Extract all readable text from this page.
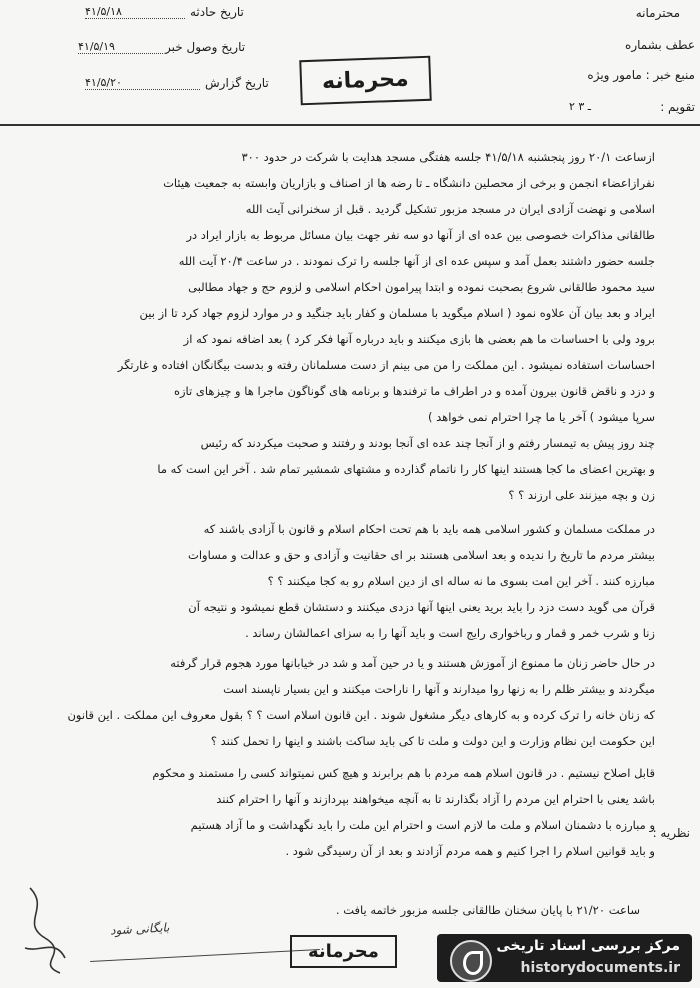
تاریخ حادثه
۴۱/۵/۱۸
تاریخ وصول خبر
۴۱/۵/۱۹
تاریخ گزارش
۴۱/۵/۲۰	محرمانه
محترمانه
عطف بشماره
منبع خبر : مامور ویژه
تقویم :
۲ ـ ۳
ازساعت ۲۰/۱ روز پنجشنبه ۴۱/۵/۱۸ جلسه هفتگی مسجد هدایت با شرکت در حدود ۳۰۰
نفرازاعضاء انجمن و برخی از محصلین دانشگاه ـ تا رضه ها از اصناف و بازاریان وابسته به جمعیت هیئات
اسلامی و نهضت آزادی ایران در مسجد مزبور تشکیل گردید . قبل از سخنرانی آیت الله
طالقانی مذاکرات خصوصی بین عده ای از آنها دو سه نفر جهت بیان مسائل مربوط به بازار ایراد در
جلسه حضور داشتند بعمل آمد و سپس عده ای از آنها جلسه را ترک نمودند . در ساعت ۲۰/۴ آیت الله
سید محمود طالقانی شروع بصحبت نموده و ابتدا پیرامون احکام اسلامی و لزوم حج و جهاد مطالبی
ایراد و بعد بیان آن علاوه نمود ( اسلام میگوید با مسلمان و کفار باید جنگید و در موارد لزوم جهاد کرد تا از بین
برود ولی با احساسات ما هم بعضی ها بازی میکنند و باید درباره آنها فکر کرد ) بعد اضافه نمود که از
احساسات استفاده نمیشود . این مملکت را من می بینم از دست مسلمانان رفته و بدست بیگانگان افتاده و غارتگر
و دزد و ناقض قانون بیرون آمده و در اطراف ما ترفندها و برنامه های گوناگون ماجرا ها و چیزهای تازه
سرپا میشود ) آخر یا ما چرا احترام نمی خواهد )
چند روز پیش به تیمسار رفتم و از آنجا چند عده ای آنجا بودند و رفتند و صحبت میکردند که رئیس
و بهترین اعضای ما کجا هستند اینها کار را ناتمام گذارده و مشتهای شمشیر تمام شد . آخر این است که ما
زن و بچه میزنند علی ارزند ؟ ؟
در مملکت مسلمان و کشور اسلامی همه باید با هم تحت احکام اسلام و قانون با آزادی باشند که
بیشتر مردم ما تاریخ را ندیده و بعد اسلامی هستند بر ای حقانیت و آزادی و حق و عدالت و مساوات
مبارزه کنند . آخر این امت بسوی ما نه ساله ای از دین اسلام رو به کجا میکنند ؟ ؟
قرآن می گوید دست دزد را باید برید یعنی اینها آنها دزدی میکنند و دستشان قطع نمیشود و نتیجه آن
زنا و شرب خمر و قمار و رباخواری رایج است و باید آنها را به سزای اعمالشان رساند .
در حال حاضر زنان ما ممنوع از آموزش هستند و یا در حین آمد و شد در خیابانها مورد هجوم قرار گرفته
میگردند و بیشتر ظلم را به زنها روا میدارند و آنها را ناراحت میکنند و این بسیار ناپسند است
که زنان خانه را ترک کرده و به کارهای دیگر مشغول شوند . این قانون اسلام است ؟ ؟ بقول معروف این مملکت . این قانون
این حکومت این نظام وزارت و این دولت و ملت تا کی باید ساکت باشند و اینها را تحمل کنند ؟
قابل اصلاح نیستیم . در قانون اسلام همه مردم با هم برابرند و هیچ کس نمیتواند کسی را مستمند و محکوم
باشد یعنی با احترام این مردم را آزاد بگذارند تا به آنچه میخواهند بپردازند و آنها را احترام کنند
و مبارزه با دشمنان اسلام و ملت ما لازم است و احترام این ملت را باید نگهداشت و ما آزاد هستیم
و باید قوانین اسلام را اجرا کنیم و همه مردم آزادند و بعد از آن رسیدگی شود .
ساعت ۲۱/۲۰ با پایان سخنان طالقانی جلسه مزبور خاتمه یافت .
نظریه :
بایگانی شود
محرمانه	مرکز بررسی اسناد تاریخی
historydocuments.ir
